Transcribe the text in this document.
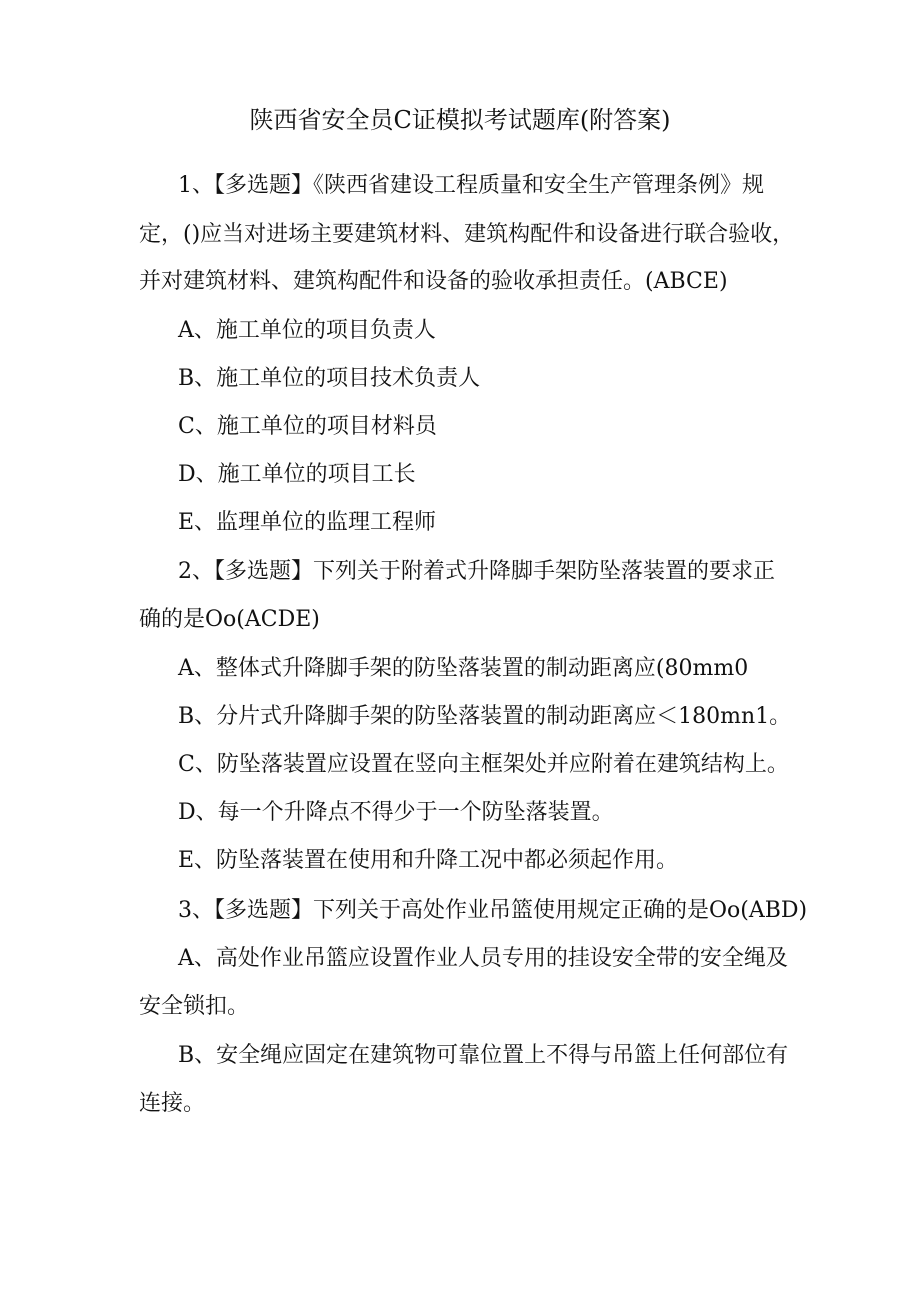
陕西省安全员C证模拟考试题库(附答案)
1、【多选题】《陕西省建设工程质量和安全生产管理条例》规
定，()应当对进场主要建筑材料、建筑构配件和设备进行联合验收，
并对建筑材料、建筑构配件和设备的验收承担责任。(ABCE)
A、施工单位的项目负责人
B、施工单位的项目技术负责人
C、施工单位的项目材料员
D、施工单位的项目工长
E、监理单位的监理工程师
2、【多选题】下列关于附着式升降脚手架防坠落装置的要求正
确的是Oo(ACDE)
A、整体式升降脚手架的防坠落装置的制动距离应(80mm0
B、分片式升降脚手架的防坠落装置的制动距离应＜180mn1。
C、防坠落装置应设置在竖向主框架处并应附着在建筑结构上。
D、每一个升降点不得少于一个防坠落装置。
E、防坠落装置在使用和升降工况中都必须起作用。
3、【多选题】下列关于高处作业吊篮使用规定正确的是Oo(ABD)
A、高处作业吊篮应设置作业人员专用的挂设安全带的安全绳及
安全锁扣。
B、安全绳应固定在建筑物可靠位置上不得与吊篮上任何部位有
连接。
